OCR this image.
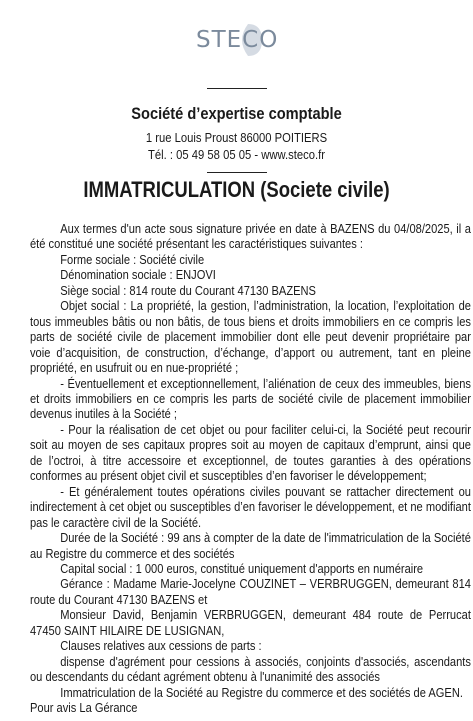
STECO
Société d’expertise comptable
1 rue Louis Proust 86000 POITIERS
Tél. : 05 49 58 05 05 - www.steco.fr
IMMATRICULATION (Societe civile)

Aux termes d'un acte sous signature privée en date à BAZENS du 04/08/2025, il a été constitué une société présentant les caractéristiques suivantes :

Forme sociale : Société civile

Dénomination sociale : ENJOVI

Siège social : 814 route du Courant 47130 BAZENS

Objet social : La propriété, la gestion, l’administration, la location, l’exploitation de tous immeubles bâtis ou non bâtis, de tous biens et droits immobiliers en ce compris les parts de société civile de placement immobilier dont elle peut devenir propriétaire par voie d’acquisition, de construction, d’échange, d’apport ou autrement, tant en pleine propriété, en usufruit ou en nue-propriété ;

- Éventuellement et exceptionnellement, l’aliénation de ceux des immeubles, biens et droits immobiliers en ce compris les parts de société civile de placement immobilier devenus inutiles à la Société ;

- Pour la réalisation de cet objet ou pour faciliter celui-ci, la Société peut recourir soit au moyen de ses capitaux propres soit au moyen de capitaux d’emprunt, ainsi que de l’octroi, à titre accessoire et exceptionnel, de toutes garanties à des opérations conformes au présent objet civil et susceptibles d’en favoriser le développement;

- Et généralement toutes opérations civiles pouvant se rattacher directement ou indirectement à cet objet ou susceptibles d’en favoriser le développement, et ne modifiant pas le caractère civil de la Société.

Durée de la Société : 99 ans à compter de la date de l'immatriculation de la Société au Registre du commerce et des sociétés

Capital social : 1 000 euros, constitué uniquement d'apports en numéraire

Gérance : Madame Marie-Jocelyne COUZINET – VERBRUGGEN, demeurant 814 route du Courant 47130 BAZENS et

Monsieur David, Benjamin VERBRUGGEN, demeurant 484 route de Perrucat 47450 SAINT HILAIRE DE LUSIGNAN,

Clauses relatives aux cessions de parts :

dispense d'agrément pour cessions à associés, conjoints d'associés, ascendants ou descendants du cédant agrément obtenu à l'unanimité des associés

Immatriculation de la Société au Registre du commerce et des sociétés de AGEN.

Pour avis La Gérance
